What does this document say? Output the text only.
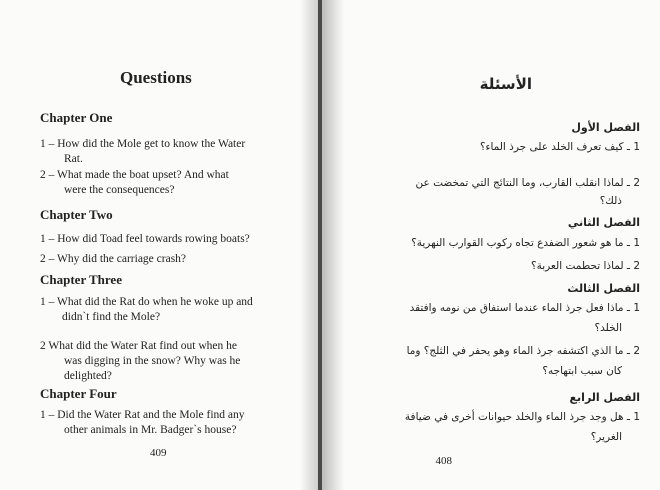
Questions
Chapter One
1 – How did the Mole get to know the Water
Rat.
2 – What made the boat upset? And what
were the consequences?
Chapter Two
1 – How did Toad feel towards rowing boats?
2 – Why did the carriage crash?
Chapter Three
1 – What did the Rat do when he woke up and
didn`t find the Mole?
2 What did the Water Rat find out when he
was digging in the snow? Why was he
delighted?
Chapter Four
1 – Did the Water Rat and the Mole find any
other animals in Mr. Badger`s house?
409
الأسئلة
الفصل الأول
1 ـ كيف تعرف الخلد على جرذ الماء؟
2 ـ لماذا انقلب القارب، وما النتائج التي تمخضت عن
ذلك؟
الفصل الثاني
1 ـ ما هو شعور الضفدع تجاه ركوب القوارب النهرية؟
2 ـ لماذا تحطمت العربة؟
الفصل الثالث
1 ـ ماذا فعل جرذ الماء عندما استفاق من نومه وافتقد
الخلد؟
2 ـ ما الذي اكتشفه جرذ الماء وهو يحفر في الثلج؟ وما
كان سبب ابتهاجه؟
الفصل الرابع
1 ـ هل وجد جرذ الماء والخلد حيوانات أخرى في ضيافة
الغرير؟
408
